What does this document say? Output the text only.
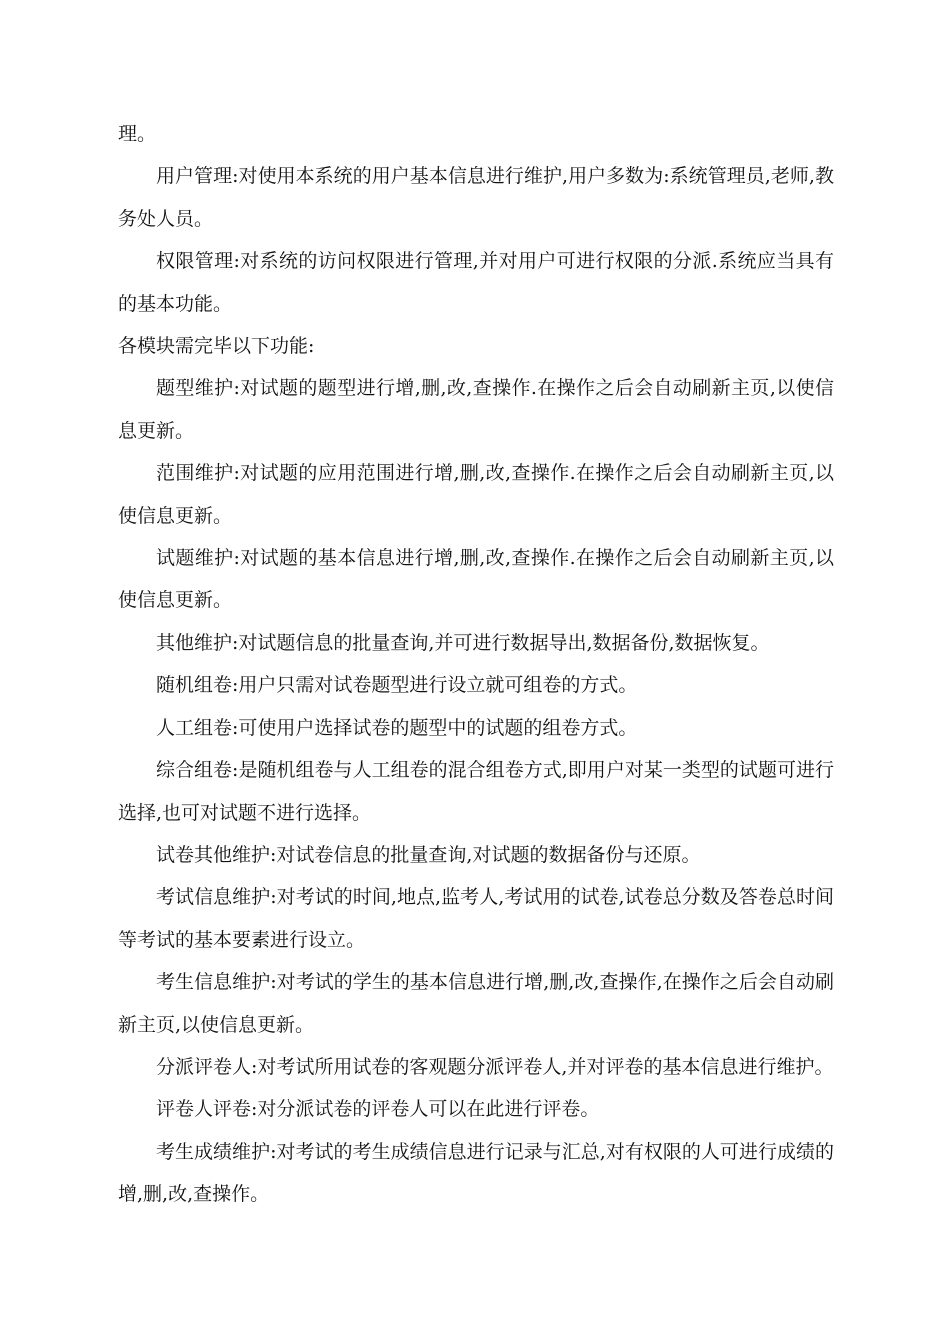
理。

用户管理:对使用本系统的用户基本信息进行维护,用户多数为:系统管理员,老师,教务处人员。

权限管理:对系统的访问权限进行管理,并对用户可进行权限的分派.系统应当具有的基本功能。

各模块需完毕以下功能:

题型维护:对试题的题型进行增,删,改,查操作.在操作之后会自动刷新主页,以使信息更新。

范围维护:对试题的应用范围进行增,删,改,查操作.在操作之后会自动刷新主页,以使信息更新。

试题维护:对试题的基本信息进行增,删,改,查操作.在操作之后会自动刷新主页,以使信息更新。

其他维护:对试题信息的批量查询,并可进行数据导出,数据备份,数据恢复。

随机组卷:用户只需对试卷题型进行设立就可组卷的方式。

人工组卷:可使用户选择试卷的题型中的试题的组卷方式。

综合组卷:是随机组卷与人工组卷的混合组卷方式,即用户对某一类型的试题可进行选择,也可对试题不进行选择。

试卷其他维护:对试卷信息的批量查询,对试题的数据备份与还原。

考试信息维护:对考试的时间,地点,监考人,考试用的试卷,试卷总分数及答卷总时间等考试的基本要素进行设立。

考生信息维护:对考试的学生的基本信息进行增,删,改,查操作,在操作之后会自动刷新主页,以使信息更新。

分派评卷人:对考试所用试卷的客观题分派评卷人,并对评卷的基本信息进行维护。

评卷人评卷:对分派试卷的评卷人可以在此进行评卷。

考生成绩维护:对考试的考生成绩信息进行记录与汇总,对有权限的人可进行成绩的增,删,改,查操作。
